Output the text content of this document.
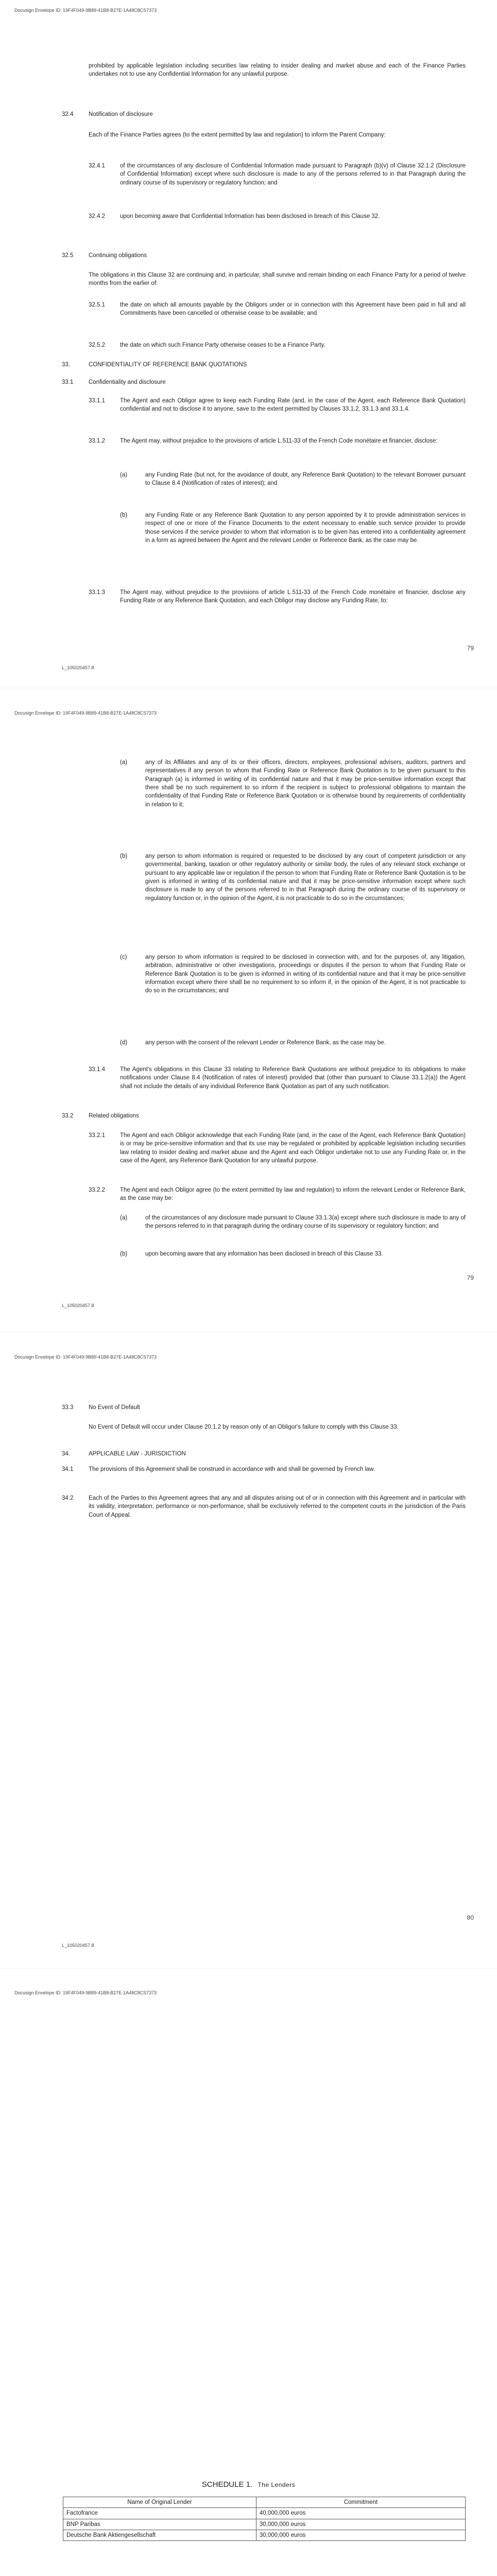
Docusign Envelope ID: 19F4F049-9B89-41B8-B27E-1A48C8CS7373
prohibited by applicable legislation including securities law relating to insider dealing and market abuse and each of the Finance Parties undertakes not to use any Confidential Information for any unlawful purpose.
32.4	Notification of disclosure
Each of the Finance Parties agrees (to the extent permitted by law and regulation) to inform the Parent Company:
32.4.1	of the circumstances of any disclosure of Confidential Information made pursuant to Paragraph (b)(v) of Clause 32.1.2 (Disclosure of Confidential Information) except where such disclosure is made to any of the persons referred to in that Paragraph during the ordinary course of its supervisory or regulatory function; and
32.4.2	upon becoming aware that Confidential Information has been disclosed in breach of this Clause 32.
32.5	Continuing obligations
The obligations in this Clause 32 are continuing and, in particular, shall survive and remain binding on each Finance Party for a period of twelve months from the earlier of:
32.5.1	the date on which all amounts payable by the Obligors under or in connection with this Agreement have been paid in full and all Commitments have been cancelled or otherwise cease to be available; and
32.5.2	the date on which such Finance Party otherwise ceases to be a Finance Party.
33.	CONFIDENTIALITY OF REFERENCE BANK QUOTATIONS
33.1	Confidentiality and disclosure
33.1.1	The Agent and each Obligor agree to keep each Funding Rate (and, in the case of the Agent, each Reference Bank Quotation) confidential and not to disclose it to anyone, save to the extent permitted by Clauses 33.1.2, 33.1.3 and 33.1.4.
33.1.2	The Agent may, without prejudice to the provisions of article L.511-33 of the French Code monétaire et financier, disclose:
(a)	any Funding Rate (but not, for the avoidance of doubt, any Reference Bank Quotation) to the relevant Borrower pursuant to Clause 8.4 (Notification of rates of interest); and
(b)	any Funding Rate or any Reference Bank Quotation to any person appointed by it to provide administration services in respect of one or more of the Finance Documents to the extent necessary to enable such service provider to provide those services if the service provider to whom that information is to be given has entered into a confidentiality agreement in a form as agreed between the Agent and the relevant Lender or Reference Bank, as the case may be.
33.1.3	The Agent may, without prejudice to the provisions of article L.511-33 of the French Code monétaire et financier, disclose any Funding Rate or any Reference Bank Quotation, and each Obligor may disclose any Funding Rate, to:
79
L_105020457.8
Docusign Envelope ID: 19F4F049-9B89-41B8-B27E-1A48C8CS7373
(a)	any of its Affiliates and any of its or their officers, directors, employees, professional advisers, auditors, partners and representatives if any person to whom that Funding Rate or Reference Bank Quotation is to be given pursuant to this Paragraph (a) is informed in writing of its confidential nature and that it may be price-sensitive information except that there shall be no such requirement to so inform if the recipient is subject to professional obligations to maintain the confidentiality of that Funding Rate or Reference Bank Quotation or is otherwise bound by requirements of confidentiality in relation to it;
(b)	any person to whom information is required or requested to be disclosed by any court of competent jurisdiction or any governmental, banking, taxation or other regulatory authority or similar body, the rules of any relevant stock exchange or pursuant to any applicable law or regulation if the person to whom that Funding Rate or Reference Bank Quotation is to be given is informed in writing of its confidential nature and that it may be price-sensitive information except where such disclosure is made to any of the persons referred to in that Paragraph during the ordinary course of its supervisory or regulatory function or, in the opinion of the Agent, it is not practicable to do so in the circumstances;
(c)	any person to whom information is required to be disclosed in connection with, and for the purposes of, any litigation, arbitration, administrative or other investigations, proceedings or disputes if the person to whom that Funding Rate or Reference Bank Quotation is to be given is informed in writing of its confidential nature and that it may be price-sensitive information except where there shall be no requirement to so inform if, in the opinion of the Agent, it is not practicable to do so in the circumstances; and
(d)	any person with the consent of the relevant Lender or Reference Bank, as the case may be.
33.1.4	The Agent's obligations in this Clause 33 relating to Reference Bank Quotations are without prejudice to its obligations to make notifications under Clause 8.4 (Notification of rates of interest) provided that (other than pursuant to Clause 33.1.2(a)) the Agent shall not include the details of any individual Reference Bank Quotation as part of any such notification.
33.2	Related obligations
33.2.1	The Agent and each Obligor acknowledge that each Funding Rate (and, in the case of the Agent, each Reference Bank Quotation) is or may be price-sensitive information and that its use may be regulated or prohibited by applicable legislation including securities law relating to insider dealing and market abuse and the Agent and each Obligor undertake not to use any Funding Rate or, in the case of the Agent, any Reference Bank Quotation for any unlawful purpose.
33.2.2	The Agent and each Obligor agree (to the extent permitted by law and regulation) to inform the relevant Lender or Reference Bank, as the case may be:
(a)	of the circumstances of any disclosure made pursuant to Clause 33.1.3(a) except where such disclosure is made to any of the persons referred to in that paragraph during the ordinary course of its supervisory or regulatory function; and
(b)	upon becoming aware that any information has been disclosed in breach of this Clause 33.
79
L_105020457.8
Docusign Envelope ID: 19F4F049-9B89-41B8-B27E-1A48C8CS7373
33.3	No Event of Default
No Event of Default will occur under Clause 20.1.2 by reason only of an Obligor's failure to comply with this Clause 33.
34.	APPLICABLE LAW - JURISDICTION
34.1	The provisions of this Agreement shall be construed in accordance with and shall be governed by French law.
34.2	Each of the Parties to this Agreement agrees that any and all disputes arising out of or in connection with this Agreement and in particular with its validity, interpretation, performance or non-performance, shall be exclusively referred to the competent courts in the jurisdiction of the Paris Court of Appeal.
80
L_105020457.8
Docusign Envelope ID: 19F4F049-9B89-41B8-B27E-1A48C8CS7373
SCHEDULE 1. The Lenders
Name of Original Lender	Commitment
Factofrance	40,000,000 euros
BNP Paribas	30,000,000 euros
Deutsche Bank Aktiengesellschaft	30,000,000 euros
